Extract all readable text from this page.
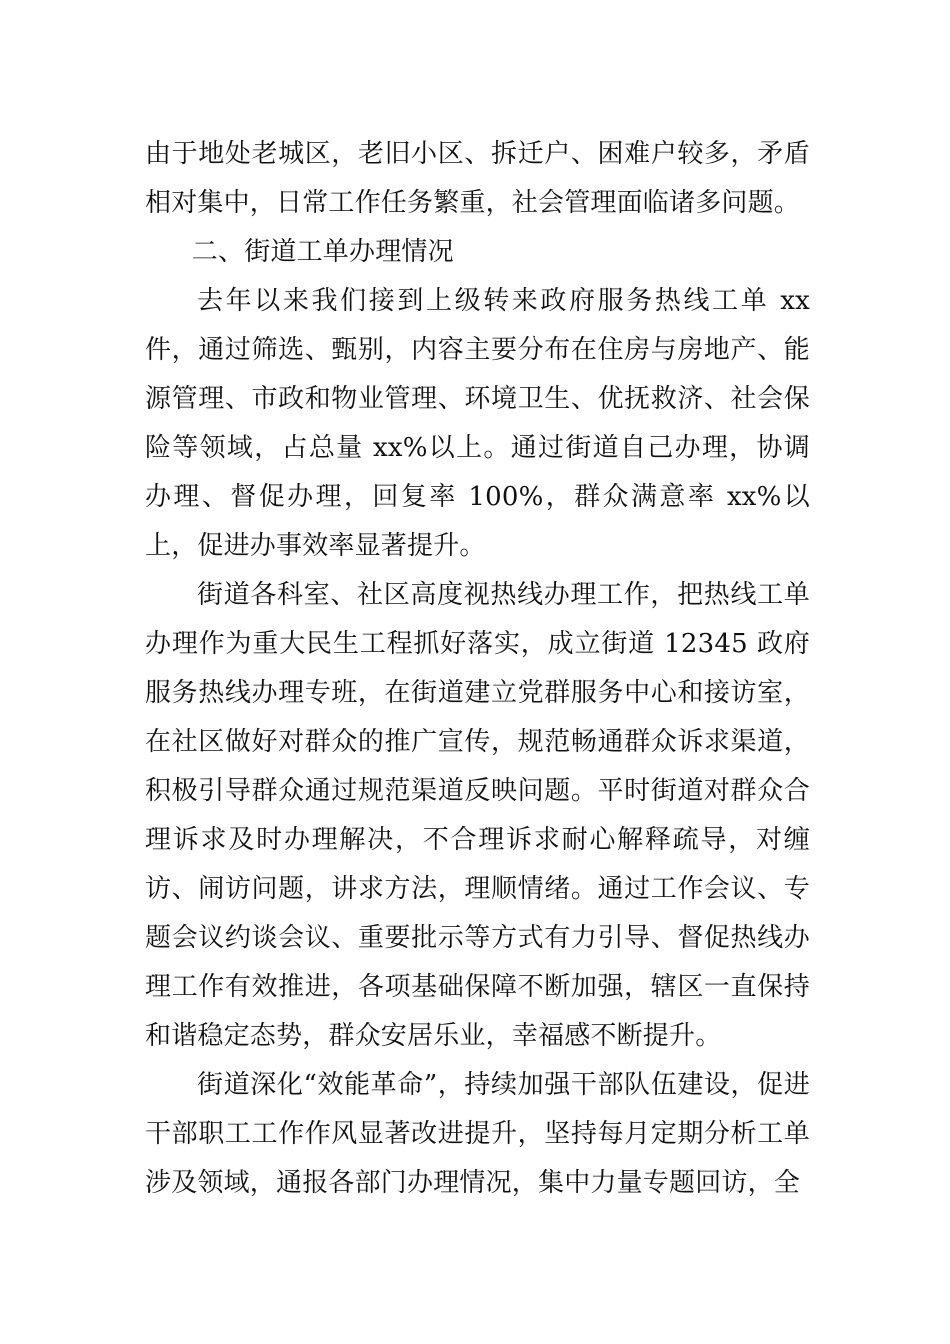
由于地处老城区，老旧小区、拆迁户、困难户较多，矛盾相对集中，日常工作任务繁重，社会管理面临诸多问题。

二、街道工单办理情况

去年以来我们接到上级转来政府服务热线工单 xx 件，通过筛选、甄别，内容主要分布在住房与房地产、能源管理、市政和物业管理、环境卫生、优抚救济、社会保险等领域，占总量 xx%以上。通过街道自己办理，协调办理、督促办理，回复率 100%，群众满意率 xx%以上，促进办事效率显著提升。

街道各科室、社区高度视热线办理工作，把热线工单办理作为重大民生工程抓好落实，成立街道 12345 政府服务热线办理专班，在街道建立党群服务中心和接访室，在社区做好对群众的推广宣传，规范畅通群众诉求渠道，积极引导群众通过规范渠道反映问题。平时街道对群众合理诉求及时办理解决，不合理诉求耐心解释疏导，对缠访、闹访问题，讲求方法，理顺情绪。通过工作会议、专题会议约谈会议、重要批示等方式有力引导、督促热线办理工作有效推进，各项基础保障不断加强，辖区一直保持和谐稳定态势，群众安居乐业，幸福感不断提升。

街道深化“效能革命”，持续加强干部队伍建设，促进干部职工工作作风显著改进提升，坚持每月定期分析工单涉及领域，通报各部门办理情况，集中力量专题回访，全
